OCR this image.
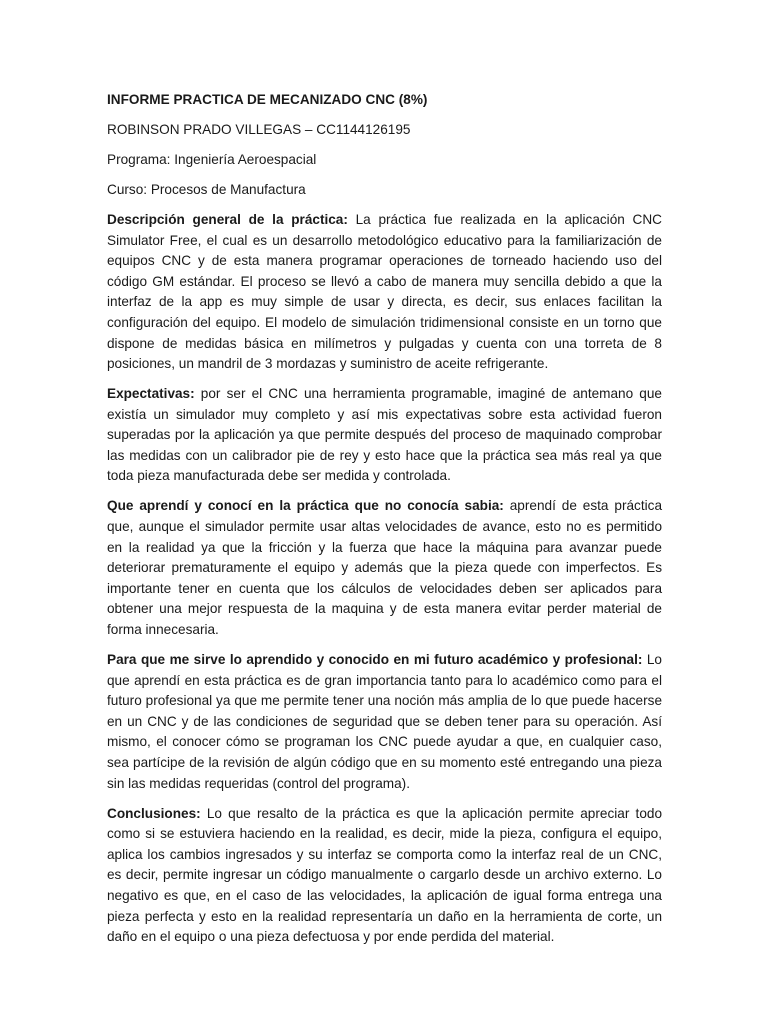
INFORME PRACTICA DE MECANIZADO CNC (8%)

ROBINSON PRADO VILLEGAS – CC1144126195

Programa: Ingeniería Aeroespacial

Curso: Procesos de Manufactura

Descripción general de la práctica: La práctica fue realizada en la aplicación CNC Simulator Free, el cual es un desarrollo metodológico educativo para la familiarización de equipos CNC y de esta manera programar operaciones de torneado haciendo uso del código GM estándar. El proceso se llevó a cabo de manera muy sencilla debido a que la interfaz de la app es muy simple de usar y directa, es decir, sus enlaces facilitan la configuración del equipo. El modelo de simulación tridimensional consiste en un torno que dispone de medidas básica en milímetros y pulgadas y cuenta con una torreta de 8 posiciones, un mandril de 3 mordazas y suministro de aceite refrigerante.

Expectativas: por ser el CNC una herramienta programable, imaginé de antemano que existía un simulador muy completo y así mis expectativas sobre esta actividad fueron superadas por la aplicación ya que permite después del proceso de maquinado comprobar las medidas con un calibrador pie de rey y esto hace que la práctica sea más real ya que toda pieza manufacturada debe ser medida y controlada.

Que aprendí y conocí en la práctica que no conocía sabia: aprendí de esta práctica que, aunque el simulador permite usar altas velocidades de avance, esto no es permitido en la realidad ya que la fricción y la fuerza que hace la máquina para avanzar puede deteriorar prematuramente el equipo y además que la pieza quede con imperfectos. Es importante tener en cuenta que los cálculos de velocidades deben ser aplicados para obtener una mejor respuesta de la maquina y de esta manera evitar perder material de forma innecesaria.

Para que me sirve lo aprendido y conocido en mi futuro académico y profesional: Lo que aprendí en esta práctica es de gran importancia tanto para lo académico como para el futuro profesional ya que me permite tener una noción más amplia de lo que puede hacerse en un CNC y de las condiciones de seguridad que se deben tener para su operación. Así mismo, el conocer cómo se programan los CNC puede ayudar a que, en cualquier caso, sea partícipe de la revisión de algún código que en su momento esté entregando una pieza sin las medidas requeridas (control del programa).

Conclusiones: Lo que resalto de la práctica es que la aplicación permite apreciar todo como si se estuviera haciendo en la realidad, es decir, mide la pieza, configura el equipo, aplica los cambios ingresados y su interfaz se comporta como la interfaz real de un CNC, es decir, permite ingresar un código manualmente o cargarlo desde un archivo externo. Lo negativo es que, en el caso de las velocidades, la aplicación de igual forma entrega una pieza perfecta y esto en la realidad representaría un daño en la herramienta de corte, un daño en el equipo o una pieza defectuosa y por ende perdida del material.
